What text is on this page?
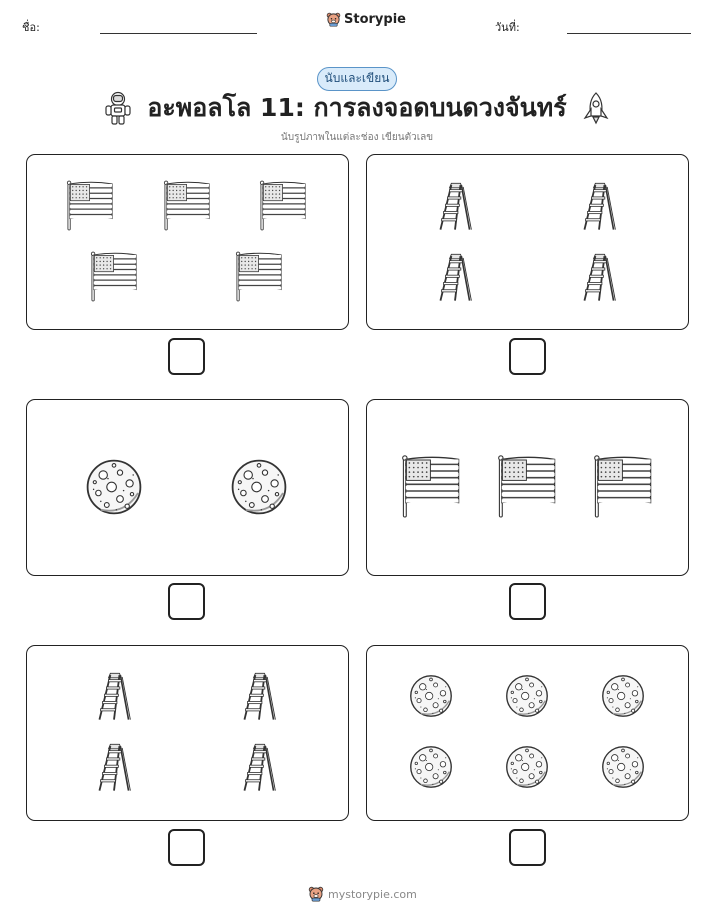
ชื่อ:
Storypie
วันที่:
นับและเขียน
อะพอลโล 11: การลงจอดบนดวงจันทร์
นับรูปภาพในแต่ละช่อง เขียนตัวเลข
mystorypie.com
